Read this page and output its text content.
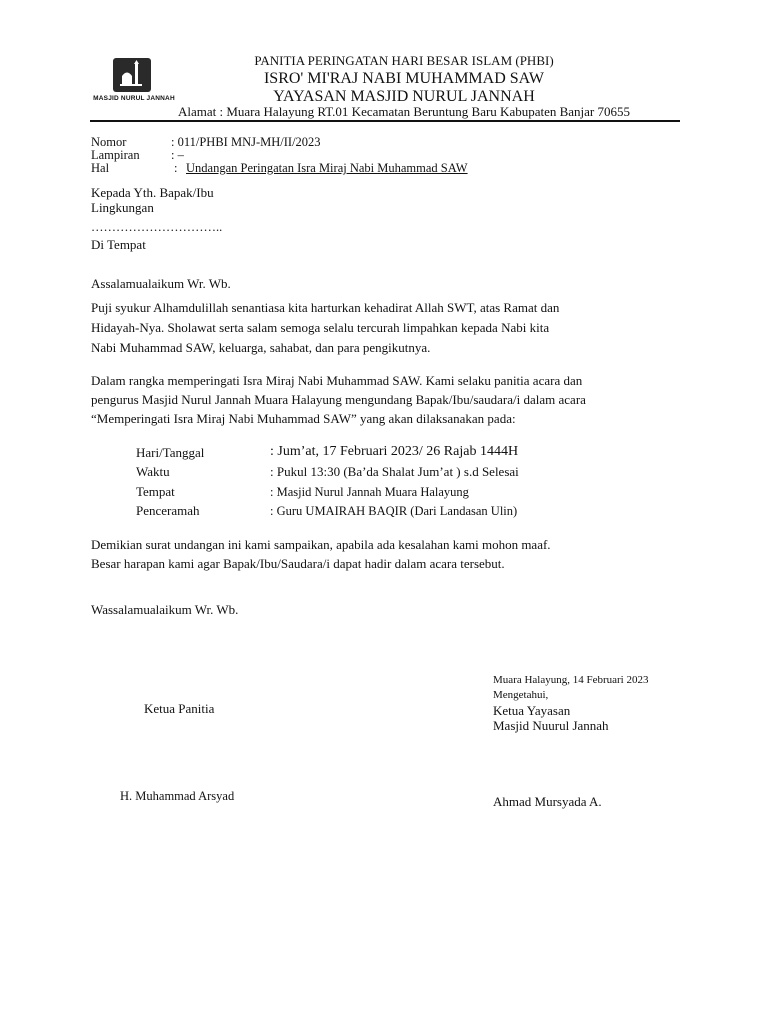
MASJID NURUL JANNAH
PANITIA PERINGATAN HARI BESAR ISLAM (PHBI)
ISRO' MI'RAJ NABI MUHAMMAD SAW
YAYASAN MASJID NURUL JANNAH
Alamat : Muara Halayung RT.01 Kecamatan Beruntung Baru Kabupaten Banjar 70655
Nomor	: 011/PHBI MNJ-MH/II/2023
Lampiran	: –
Hal	: Undangan Peringatan Isra Miraj Nabi Muhammad SAW
Kepada Yth. Bapak/Ibu
Lingkungan
…………………………..
Di Tempat
Assalamualaikum Wr. Wb.
Puji syukur Alhamdulillah senantiasa kita harturkan kehadirat Allah SWT, atas Ramat dan
Hidayah-Nya. Sholawat serta salam semoga selalu tercurah limpahkan kepada Nabi kita
Nabi Muhammad SAW, keluarga, sahabat, dan para pengikutnya.
Dalam rangka memperingati Isra Miraj Nabi Muhammad SAW. Kami selaku panitia acara dan
pengurus Masjid Nurul Jannah Muara Halayung mengundang Bapak/Ibu/saudara/i dalam acara
“Memperingati Isra Miraj Nabi Muhammad SAW” yang akan dilaksanakan pada:
Hari/Tanggal	: Jum’at, 17 Februari 2023/ 26 Rajab 1444H
Waktu	: Pukul 13:30 (Ba’da Shalat Jum’at ) s.d Selesai
Tempat	: Masjid Nurul Jannah Muara Halayung
Penceramah	: Guru UMAIRAH BAQIR (Dari Landasan Ulin)
Demikian surat undangan ini kami sampaikan, apabila ada kesalahan kami mohon maaf.
Besar harapan kami agar Bapak/Ibu/Saudara/i dapat hadir dalam acara tersebut.
Wassalamualaikum Wr. Wb.
Muara Halayung, 14 Februari 2023
Mengetahui,
Ketua Yayasan
Masjid Nuurul Jannah
Ketua Panitia
H. Muhammad Arsyad	Ahmad Mursyada A.
